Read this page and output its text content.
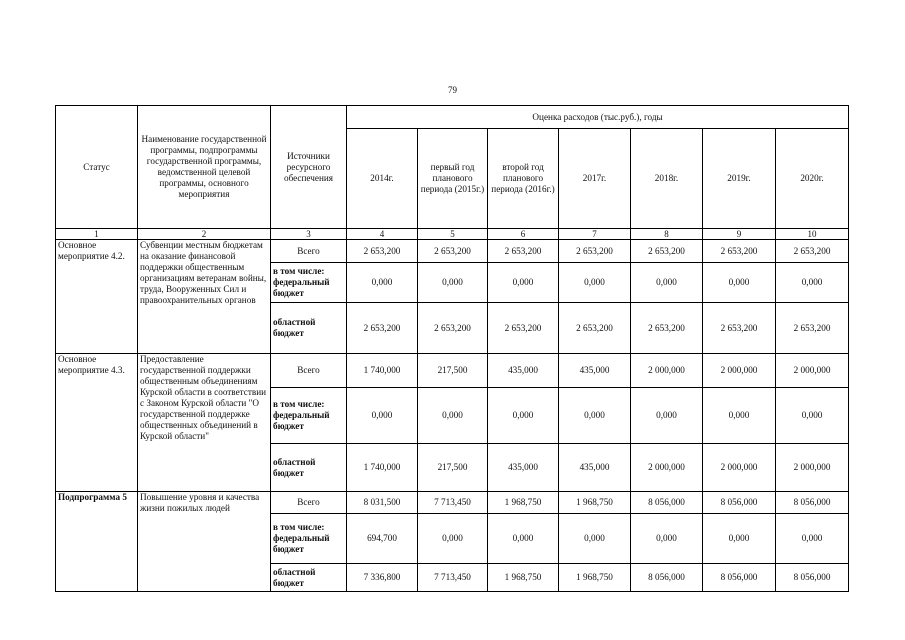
79
Статус	Наименование государственной программы, подпрограммы государственной программы, ведомственной целевой программы, основного мероприятия	Источники ресурсного обеспечения	Оценка расходов (тыс.руб.), годы						
			2014г.	первый год планового периода (2015г.)	второй год планового периода (2016г.)	2017г.	2018г.	2019г.	2020г.
1	2	3	4	5	6	7	8	9	10
Основное мероприятие 4.2.	Субвенции местным бюджетам на оказание финансовой поддержки общественным организациям ветеранам войны, труда, Вооруженных Сил и правоохранительных органов	Всего	2 653,200	2 653,200	2 653,200	2 653,200	2 653,200	2 653,200	2 653,200
		в том числе: федеральный бюджет	0,000	0,000	0,000	0,000	0,000	0,000	0,000
		областной бюджет	2 653,200	2 653,200	2 653,200	2 653,200	2 653,200	2 653,200	2 653,200
Основное мероприятие 4.3.	Предоставление государственной поддержки общественным объединениям Курской области в соответствии с Законом Курской области "О государственной поддержке общественных объединений в Курской области"	Всего	1 740,000	217,500	435,000	435,000	2 000,000	2 000,000	2 000,000
		в том числе: федеральный бюджет	0,000	0,000	0,000	0,000	0,000	0,000	0,000
		областной бюджет	1 740,000	217,500	435,000	435,000	2 000,000	2 000,000	2 000,000
Подпрограмма 5	Повышение уровня и качества жизни пожилых людей	Всего	8 031,500	7 713,450	1 968,750	1 968,750	8 056,000	8 056,000	8 056,000
		в том числе: федеральный бюджет	694,700	0,000	0,000	0,000	0,000	0,000	0,000
		областной бюджет	7 336,800	7 713,450	1 968,750	1 968,750	8 056,000	8 056,000	8 056,000
